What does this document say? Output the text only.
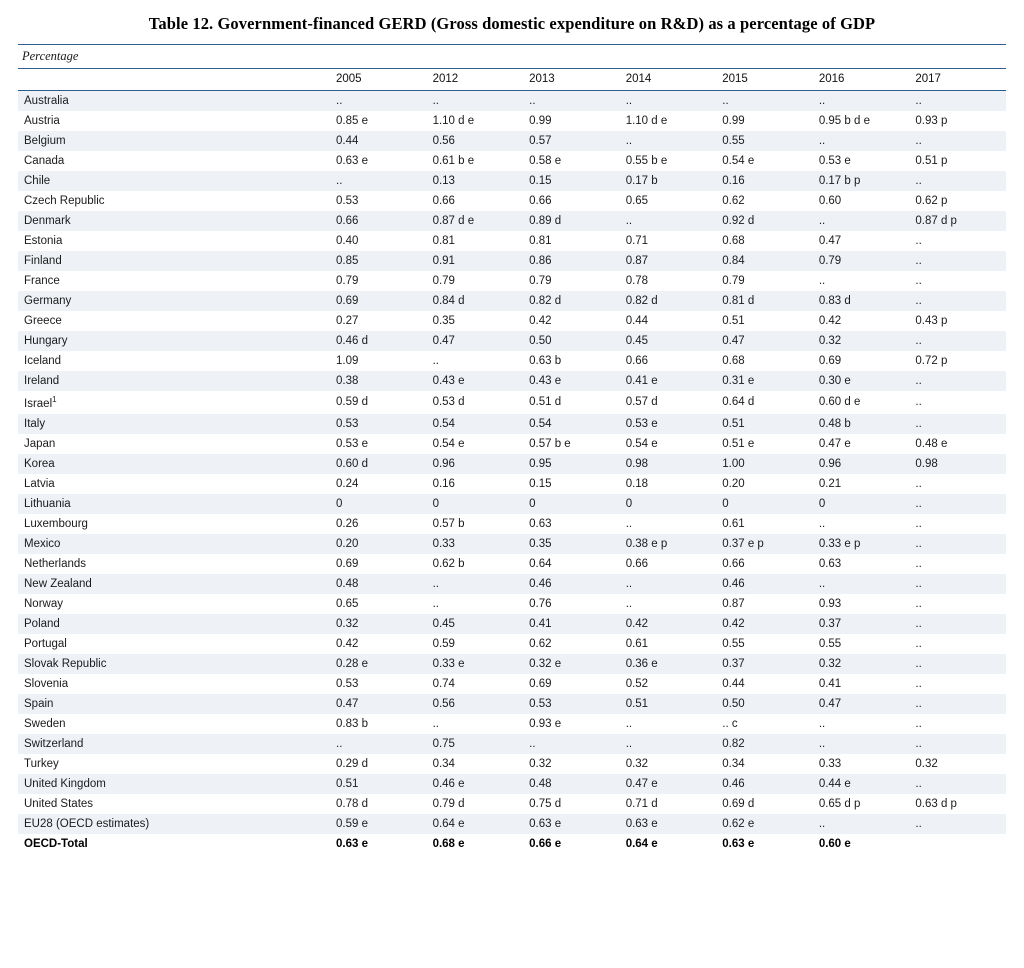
Table 12. Government-financed GERD (Gross domestic expenditure on R&D) as a percentage of GDP
Percentage
	2005	2012	2013	2014	2015	2016	2017
Australia	..	..	..	..	..	..	..
Austria	0.85 e	1.10 d e	0.99	1.10 d e	0.99	0.95 b d e	0.93 p
Belgium	0.44	0.56	0.57	..	0.55	..	..
Canada	0.63 e	0.61 b e	0.58 e	0.55 b e	0.54 e	0.53 e	0.51 p
Chile	..	0.13	0.15	0.17 b	0.16	0.17 b p	..
Czech Republic	0.53	0.66	0.66	0.65	0.62	0.60	0.62 p
Denmark	0.66	0.87 d e	0.89 d	..	0.92 d	..	0.87 d p
Estonia	0.40	0.81	0.81	0.71	0.68	0.47	..
Finland	0.85	0.91	0.86	0.87	0.84	0.79	..
France	0.79	0.79	0.79	0.78	0.79	..	..
Germany	0.69	0.84 d	0.82 d	0.82 d	0.81 d	0.83 d	..
Greece	0.27	0.35	0.42	0.44	0.51	0.42	0.43 p
Hungary	0.46 d	0.47	0.50	0.45	0.47	0.32	..
Iceland	1.09	..	0.63 b	0.66	0.68	0.69	0.72 p
Ireland	0.38	0.43 e	0.43 e	0.41 e	0.31 e	0.30 e	..
Israel$^1$	0.59 d	0.53 d	0.51 d	0.57 d	0.64 d	0.60 d e	..
Italy	0.53	0.54	0.54	0.53 e	0.51	0.48 b	..
Japan	0.53 e	0.54 e	0.57 b e	0.54 e	0.51 e	0.47 e	0.48 e
Korea	0.60 d	0.96	0.95	0.98	1.00	0.96	0.98
Latvia	0.24	0.16	0.15	0.18	0.20	0.21	..
Lithuania	0	0	0	0	0	0	..
Luxembourg	0.26	0.57 b	0.63	..	0.61	..	..
Mexico	0.20	0.33	0.35	0.38 e p	0.37 e p	0.33 e p	..
Netherlands	0.69	0.62 b	0.64	0.66	0.66	0.63	..
New Zealand	0.48	..	0.46	..	0.46	..	..
Norway	0.65	..	0.76	..	0.87	0.93	..
Poland	0.32	0.45	0.41	0.42	0.42	0.37	..
Portugal	0.42	0.59	0.62	0.61	0.55	0.55	..
Slovak Republic	0.28 e	0.33 e	0.32 e	0.36 e	0.37	0.32	..
Slovenia	0.53	0.74	0.69	0.52	0.44	0.41	..
Spain	0.47	0.56	0.53	0.51	0.50	0.47	..
Sweden	0.83 b	..	0.93 e	..	.. c	..	..
Switzerland	..	0.75	..	..	0.82	..	..
Turkey	0.29 d	0.34	0.32	0.32	0.34	0.33	0.32
United Kingdom	0.51	0.46 e	0.48	0.47 e	0.46	0.44 e	..
United States	0.78 d	0.79 d	0.75 d	0.71 d	0.69 d	0.65 d p	0.63 d p
EU28 (OECD estimates)	0.59 e	0.64 e	0.63 e	0.63 e	0.62 e	..	..
OECD-Total	0.63 e	0.68 e	0.66 e	0.64 e	0.63 e	0.60 e	
